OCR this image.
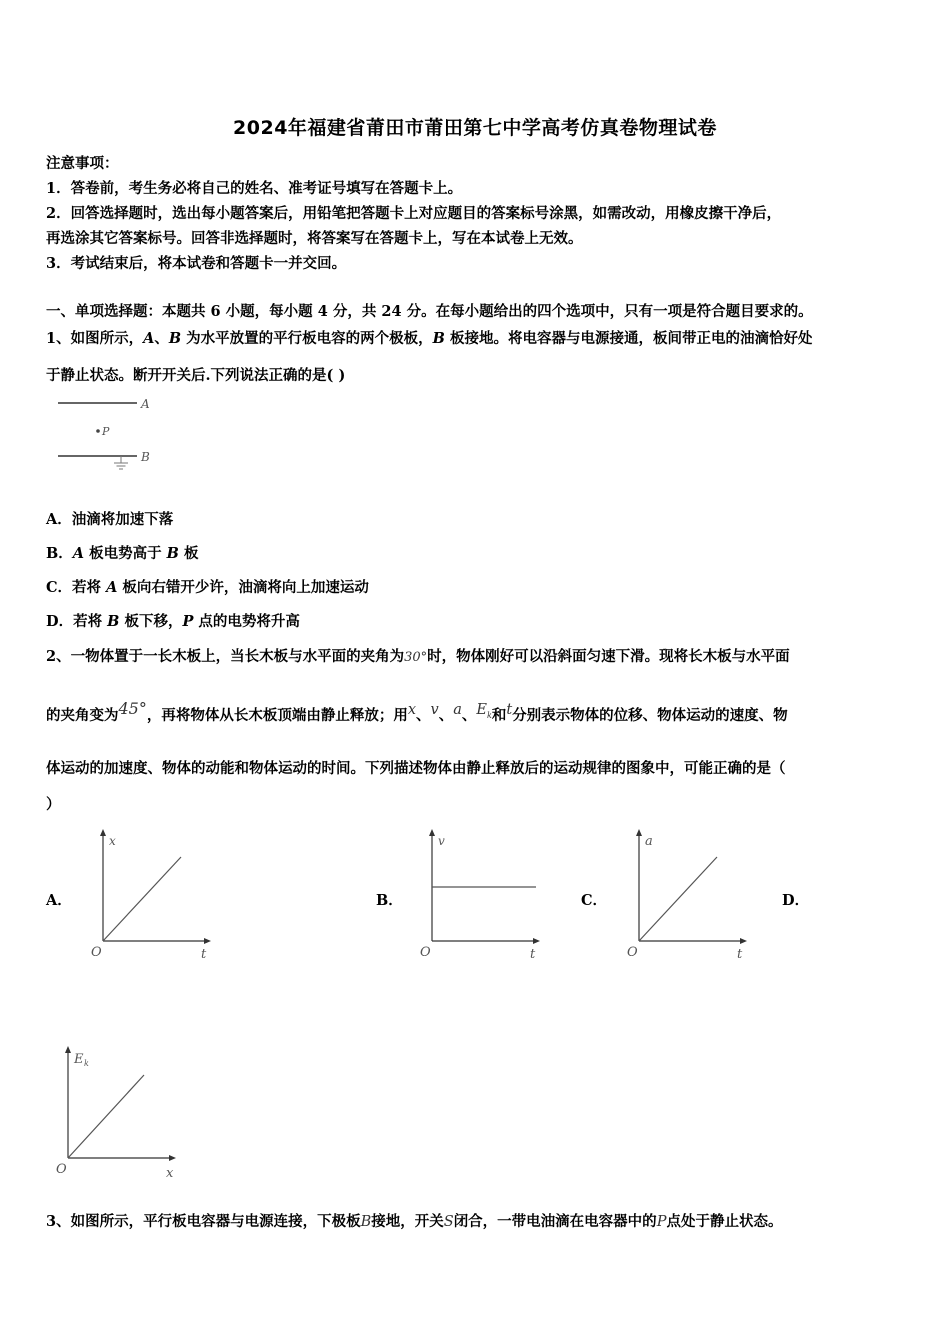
2024年福建省莆田市莆田第七中学高考仿真卷物理试卷
注意事项：
1．答卷前，考生务必将自己的姓名、准考证号填写在答题卡上。
2．回答选择题时，选出每小题答案后，用铅笔把答题卡上对应题目的答案标号涂黑，如需改动，用橡皮擦干净后，
再选涂其它答案标号。回答非选择题时，将答案写在答题卡上，写在本试卷上无效。
3．考试结束后，将本试卷和答题卡一并交回。
一、单项选择题：本题共 6 小题，每小题 4 分，共 24 分。在每小题给出的四个选项中，只有一项是符合题目要求的。
1、如图所示，A、B 为水平放置的平行板电容的两个极板，B 板接地。将电容器与电源接通，板间带正电的油滴恰好处
于静止状态。断开开关后.下列说法正确的是( )
A
P
B
A．油滴将加速下落
B．A 板电势高于 B 板
C．若将 A 板向右错开少许，油滴将向上加速运动
D．若将 B 板下移，P 点的电势将升高
2、一物体置于一长木板上，当长木板与水平面的夹角为30°时，物体刚好可以沿斜面匀速下滑。现将长木板与水平面
的夹角变为45°，再将物体从长木板顶端由静止释放；用x、v、a、$E_k$和t分别表示物体的位移、物体运动的速度、物
体运动的加速度、物体的动能和物体运动的时间。下列描述物体由静止释放后的运动规律的图象中，可能正确的是（
）
A．	B．	C．	D．
x
O	t
v
O	t
a
O	t
E k
O	x
3、如图所示，平行板电容器与电源连接，下极板B接地，开关S闭合，一带电油滴在电容器中的P点处于静止状态。
